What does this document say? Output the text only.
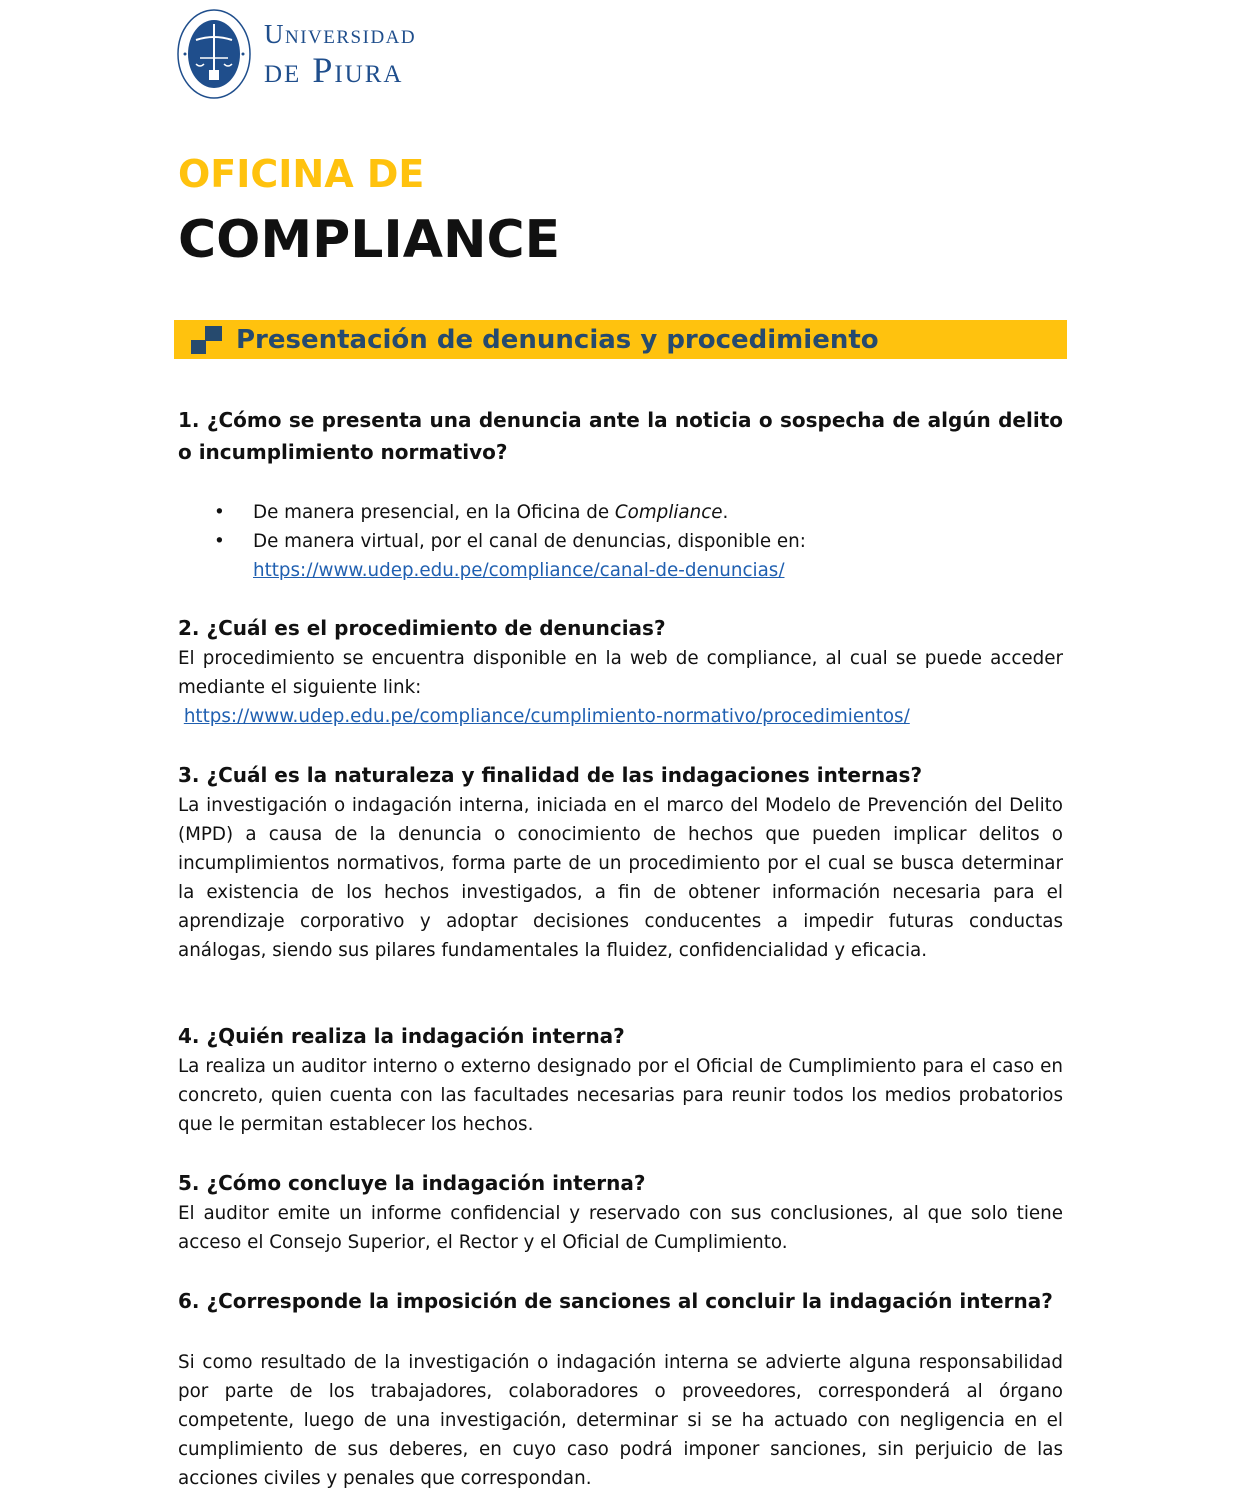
Universidad
de Piura
OFICINA DE
COMPLIANCE
Presentación de denuncias y procedimiento
1. ¿Cómo se presenta una denuncia ante la noticia o sospecha de algún delito o incumplimiento normativo?
• De manera presencial, en la Oficina de Compliance.
• De manera virtual, por el canal de denuncias, disponible en:
https://www.udep.edu.pe/compliance/canal-de-denuncias/
2. ¿Cuál es el procedimiento de denuncias?
El procedimiento se encuentra disponible en la web de compliance, al cual se puede acceder mediante el siguiente link:
https://www.udep.edu.pe/compliance/cumplimiento-normativo/procedimientos/
3. ¿Cuál es la naturaleza y finalidad de las indagaciones internas?
La investigación o indagación interna, iniciada en el marco del Modelo de Prevención del Delito (MPD) a causa de la denuncia o conocimiento de hechos que pueden implicar delitos o incumplimientos normativos, forma parte de un procedimiento por el cual se busca determinar la existencia de los hechos investigados, a fin de obtener información necesaria para el aprendizaje corporativo y adoptar decisiones conducentes a impedir futuras conductas análogas, siendo sus pilares fundamentales la fluidez, confidencialidad y eficacia.
4. ¿Quién realiza la indagación interna?
La realiza un auditor interno o externo designado por el Oficial de Cumplimiento para el caso en concreto, quien cuenta con las facultades necesarias para reunir todos los medios probatorios que le permitan establecer los hechos.
5. ¿Cómo concluye la indagación interna?
El auditor emite un informe confidencial y reservado con sus conclusiones, al que solo tiene acceso el Consejo Superior, el Rector y el Oficial de Cumplimiento.
6. ¿Corresponde la imposición de sanciones al concluir la indagación interna?
Si como resultado de la investigación o indagación interna se advierte alguna responsabilidad por parte de los trabajadores, colaboradores o proveedores, corresponderá al órgano competente, luego de una investigación, determinar si se ha actuado con negligencia en el cumplimiento de sus deberes, en cuyo caso podrá imponer sanciones, sin perjuicio de las acciones civiles y penales que correspondan.
